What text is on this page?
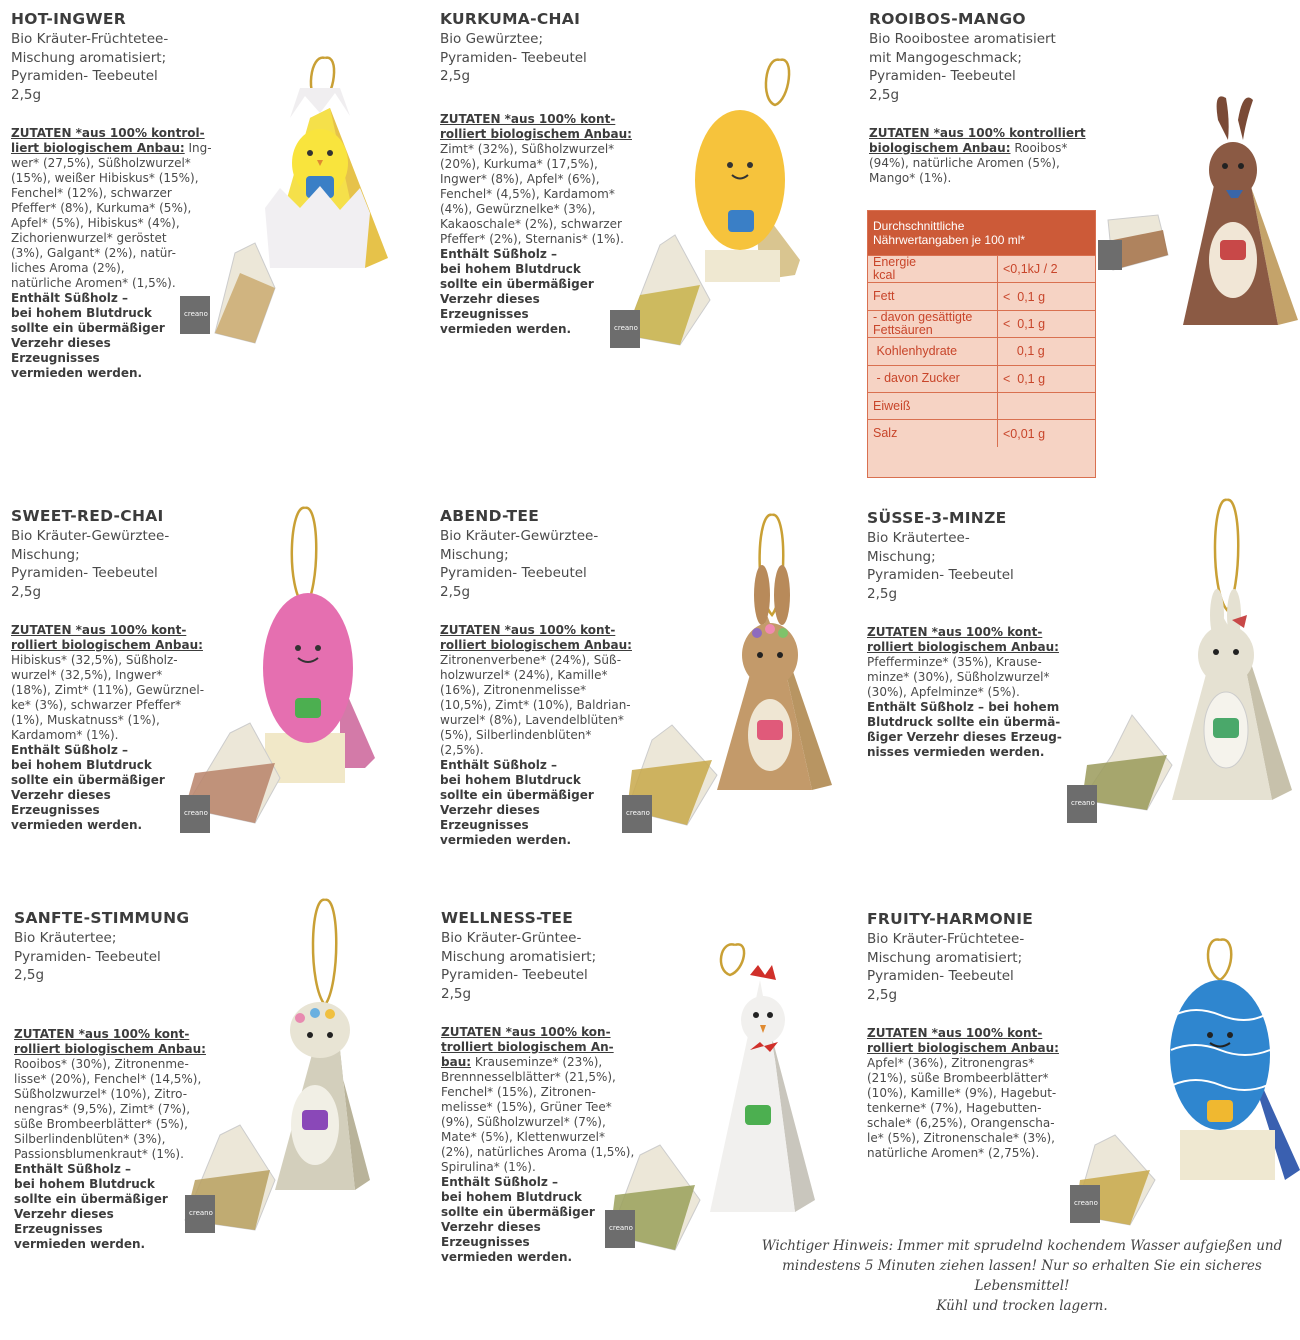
HOT-INGWER
Bio Kräuter-Früchtetee-
Mischung aromatisiert;
Pyramiden- Teebeutel
2,5g
ZUTATEN *aus 100% kontrol-
liert biologischem Anbau: Ing-
wer* (27,5%), Süßholzwurzel*
(15%), weißer Hibiskus* (15%),
Fenchel* (12%), schwarzer
Pfeffer* (8%), Kurkuma* (5%),
Apfel* (5%), Hibiskus* (4%),
Zichorienwurzel* geröstet
(3%), Galgant* (2%), natür-
liches Aroma (2%),
natürliche Aromen* (1,5%).
Enthält Süßholz –
bei hohem Blutdruck
sollte ein übermäßiger
Verzehr dieses
Erzeugnisses
vermieden werden.
KURKUMA-CHAI
Bio Gewürztee;
Pyramiden- Teebeutel
2,5g
ZUTATEN *aus 100% kont-
rolliert biologischem Anbau:
Zimt* (32%), Süßholzwurzel*
(20%), Kurkuma* (17,5%),
Ingwer* (8%), Apfel* (6%),
Fenchel* (4,5%), Kardamom*
(4%), Gewürznelke* (3%),
Kakaoschale* (2%), schwarzer
Pfeffer* (2%), Sternanis* (1%).
Enthält Süßholz –
bei hohem Blutdruck
sollte ein übermäßiger
Verzehr dieses
Erzeugnisses
vermieden werden.
ROOIBOS-MANGO
Bio Rooibostee aromatisiert
mit Mangogeschmack;
Pyramiden- Teebeutel
2,5g
ZUTATEN *aus 100% kontrolliert
biologischem Anbau: Rooibos*
(94%), natürliche Aromen (5%),
Mango* (1%).
SWEET-RED-CHAI
Bio Kräuter-Gewürztee-
Mischung;
Pyramiden- Teebeutel
2,5g
ZUTATEN *aus 100% kont-
rolliert biologischem Anbau:
Hibiskus* (32,5%), Süßholz-
wurzel* (32,5%), Ingwer*
(18%), Zimt* (11%), Gewürznel-
ke* (3%), schwarzer Pfeffer*
(1%), Muskatnuss* (1%),
Kardamom* (1%).
Enthält Süßholz –
bei hohem Blutdruck
sollte ein übermäßiger
Verzehr dieses
Erzeugnisses
vermieden werden.
ABEND-TEE
Bio Kräuter-Gewürztee-
Mischung;
Pyramiden- Teebeutel
2,5g
ZUTATEN *aus 100% kont-
rolliert biologischem Anbau:
Zitronenverbene* (24%), Süß-
holzwurzel* (24%), Kamille*
(16%), Zitronenmelisse*
(10,5%), Zimt* (10%), Baldrian-
wurzel* (8%), Lavendelblüten*
(5%), Silberlindenblüten*
(2,5%).
Enthält Süßholz –
bei hohem Blutdruck
sollte ein übermäßiger
Verzehr dieses
Erzeugnisses
vermieden werden.
SÜSSE-3-MINZE
Bio Kräutertee-
Mischung;
Pyramiden- Teebeutel
2,5g
ZUTATEN *aus 100% kont-
rolliert biologischem Anbau:
Pfefferminze* (35%), Krause-
minze* (30%), Süßholzwurzel*
(30%), Apfelminze* (5%).
Enthält Süßholz – bei hohem
Blutdruck sollte ein übermä-
ßiger Verzehr dieses Erzeug-
nisses vermieden werden.
SANFTE-STIMMUNG
Bio Kräutertee;
Pyramiden- Teebeutel
2,5g
ZUTATEN *aus 100% kont-
rolliert biologischem Anbau:
Rooibos* (30%), Zitronenme-
lisse* (20%), Fenchel* (14,5%),
Süßholzwurzel* (10%), Zitro-
nengras* (9,5%), Zimt* (7%),
süße Brombeerblätter* (5%),
Silberlindenblüten* (3%),
Passionsblumenkraut* (1%).
Enthält Süßholz –
bei hohem Blutdruck
sollte ein übermäßiger
Verzehr dieses
Erzeugnisses
vermieden werden.
WELLNESS-TEE
Bio Kräuter-Grüntee-
Mischung aromatisiert;
Pyramiden- Teebeutel
2,5g
ZUTATEN *aus 100% kon-
trolliert biologischem An-
bau: Krauseminze* (23%),
Brennnesselblätter* (21,5%),
Fenchel* (15%), Zitronen-
melisse* (15%), Grüner Tee*
(9%), Süßholzwurzel* (7%),
Mate* (5%), Klettenwurzel*
(2%), natürliches Aroma (1,5%),
Spirulina* (1%).
Enthält Süßholz –
bei hohem Blutdruck
sollte ein übermäßiger
Verzehr dieses
Erzeugnisses
vermieden werden.
FRUITY-HARMONIE
Bio Kräuter-Früchtetee-
Mischung aromatisiert;
Pyramiden- Teebeutel
2,5g
ZUTATEN *aus 100% kont-
rolliert biologischem Anbau:
Apfel* (36%), Zitronengras*
(21%), süße Brombeerblätter*
(10%), Kamille* (9%), Hagebut-
tenkerne* (7%), Hagebutten-
schale* (6,25%), Orangenscha-
le* (5%), Zitronenschale* (3%),
natürliche Aromen* (2,75%).
Durchschnittliche
Nährwertangaben je 100 ml*
Energie
kcal	<0,1kJ / 2
Fett	<  0,1 g
- davon gesättigte
Fettsäuren	<  0,1 g
Kohlenhydrate	0,1 g
- davon Zucker	<  0,1 g
Eiweiß
Salz	<0,01 g
Wichtiger Hinweis: Immer mit sprudelnd kochendem Wasser aufgießen und
mindestens 5 Minuten ziehen lassen! Nur so erhalten Sie ein sicheres Lebensmittel!
Kühl und trocken lagern.
creano
creano
creano	creano
creano
creano
creano
creano
